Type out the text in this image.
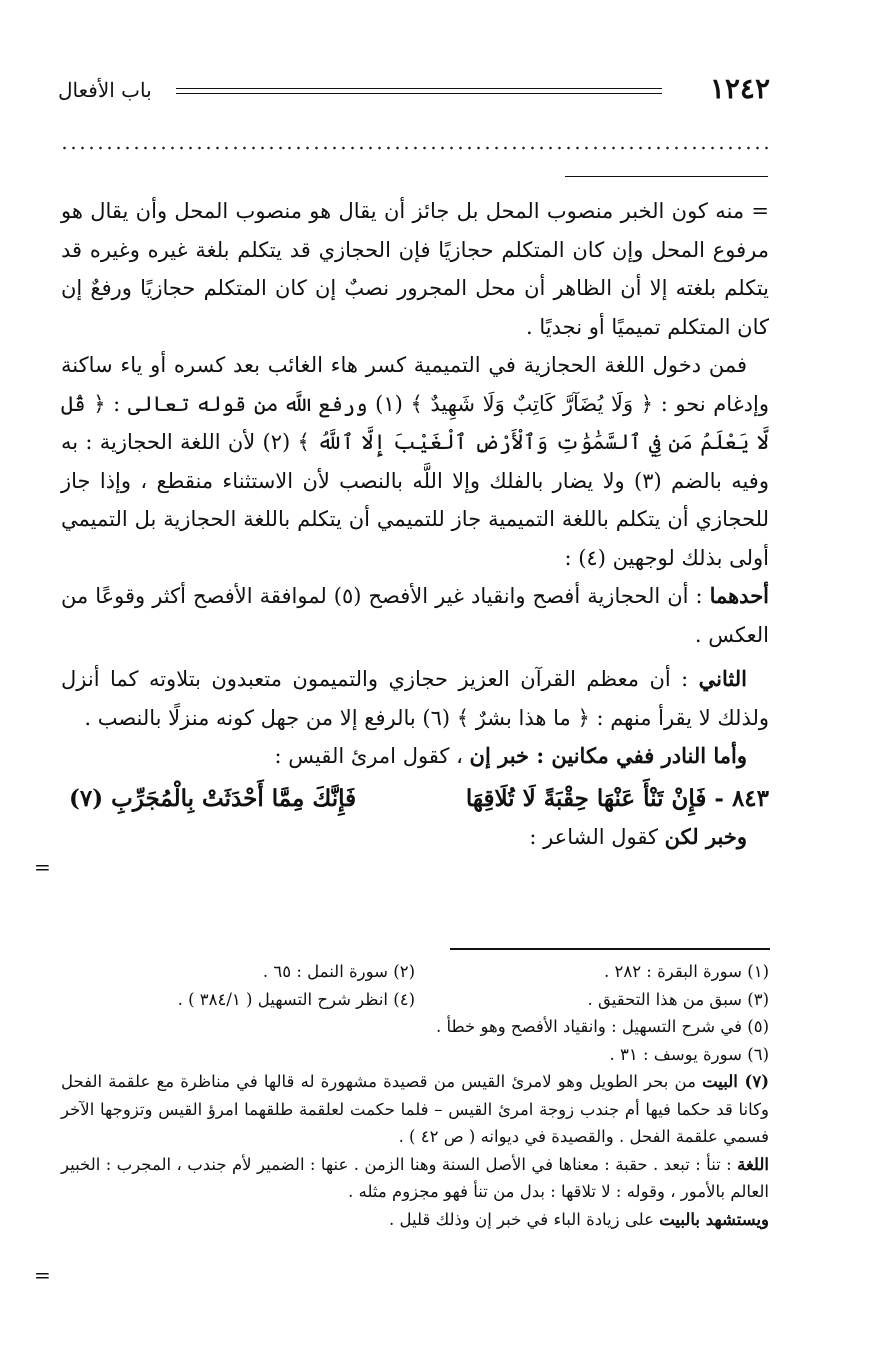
١٢٤٢
باب الأفعال

= منه كون الخبر منصوب المحل بل جائز أن يقال هو منصوب المحل وأن يقال هو مرفوع المحل وإن كان المتكلم حجازيًا فإن الحجازي قد يتكلم بلغة غيره وغيره قد يتكلم بلغته إلا أن الظاهر أن محل المجرور نصبٌ إن كان المتكلم حجازيًا ورفعٌ إن كان المتكلم تميميًا أو نجديًا .

فمن دخول اللغة الحجازية في التميمية كسر هاء الغائب بعد كسره أو ياء ساكنة وإدغام نحو : ﴿ وَلَا يُضَآرَّ كَاتِبٌ وَلَا شَهِيدٌ ﴾ (١) ورفع اللَّه من قوله تعالى : ﴿ قُل لَّا يَعْلَمُ مَن فِي ٱلسَّمَٰوَٰتِ وَٱلْأَرْضِ ٱلْغَيْبَ إِلَّا ٱللَّهُ ﴾ (٢) لأن اللغة الحجازية : به وفيه بالضم (٣) ولا يضار بالفلك وإلا اللَّه بالنصب لأن الاستثناء منقطع ، وإذا جاز للحجازي أن يتكلم باللغة التميمية جاز للتميمي أن يتكلم باللغة الحجازية بل التميمي أولى بذلك لوجهين (٤) :

أحدهما : أن الحجازية أفصح وانقياد غير الأفصح (٥) لموافقة الأفصح أكثر وقوعًا من العكس .

الثاني : أن معظم القرآن العزيز حجازي والتميمون متعبدون بتلاوته كما أنزل ولذلك لا يقرأ منهم : ﴿ ما هذا بشرٌ ﴾ (٦) بالرفع إلا من جهل كونه منزلًا بالنصب .

وأما النادر ففي مكانين : خبر إن ، كقول امرئ القيس :

٨٤٣ - فَإِنْ تَنْأَ عَنْهَا حِقْبَةً لَا تُلَاقِهَا
فَإِنَّكَ مِمَّا أَحْدَثَتْ بِالْمُجَرِّبِ (٧)

وخبر لكن كقول الشاعر :

=
(١) سورة البقرة : ٢٨٢ .
(٢) سورة النمل : ٦٥ .
(٣) سبق من هذا التحقيق .
(٤) انظر شرح التسهيل ( ٣٨٤/١ ) .

(٥) في شرح التسهيل : وانقياد الأفصح وهو خطأ .

(٦) سورة يوسف : ٣١ .

(٧) البيت من بحر الطويل وهو لامرئ القيس من قصيدة مشهورة له قالها في مناظرة مع علقمة الفحل وكانا قد حكما فيها أم جندب زوجة امرئ القيس – فلما حكمت لعلقمة طلقهما امرؤ القيس وتزوجها الآخر فسمي علقمة الفحل . والقصيدة في ديوانه ( ص ٤٢ ) .

اللغة : تنأ : تبعد . حقبة : معناها في الأصل السنة وهنا الزمن . عنها : الضمير لأم جندب ، المجرب : الخبير العالم بالأمور ، وقوله : لا تلاقها : بدل من تنأ فهو مجزوم مثله .

ويستشهد بالبيت على زيادة الباء في خبر إن وذلك قليل .

=
